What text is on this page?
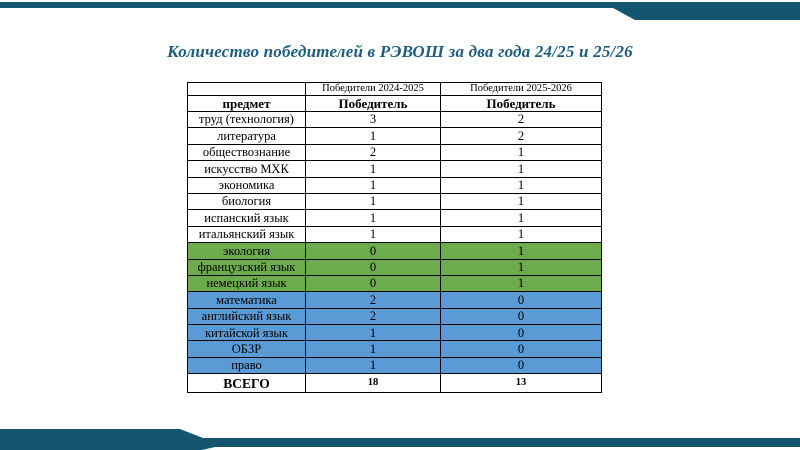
Количество победителей в РЭВОШ за два года 24/25 и 25/26
	Победители 2024-2025	Победители 2025-2026
предмет	Победитель	Победитель
труд (технология)	3	2
литература	1	2
обществознание	2	1
искусство МХК	1	1
экономика	1	1
биология	1	1
испанский язык	1	1
итальянский язык	1	1
экология	0	1
французский язык	0	1
немецкий язык	0	1
математика	2	0
английский язык	2	0
китайской язык	1	0
ОБЗР	1	0
право	1	0
ВСЕГО	18	13
